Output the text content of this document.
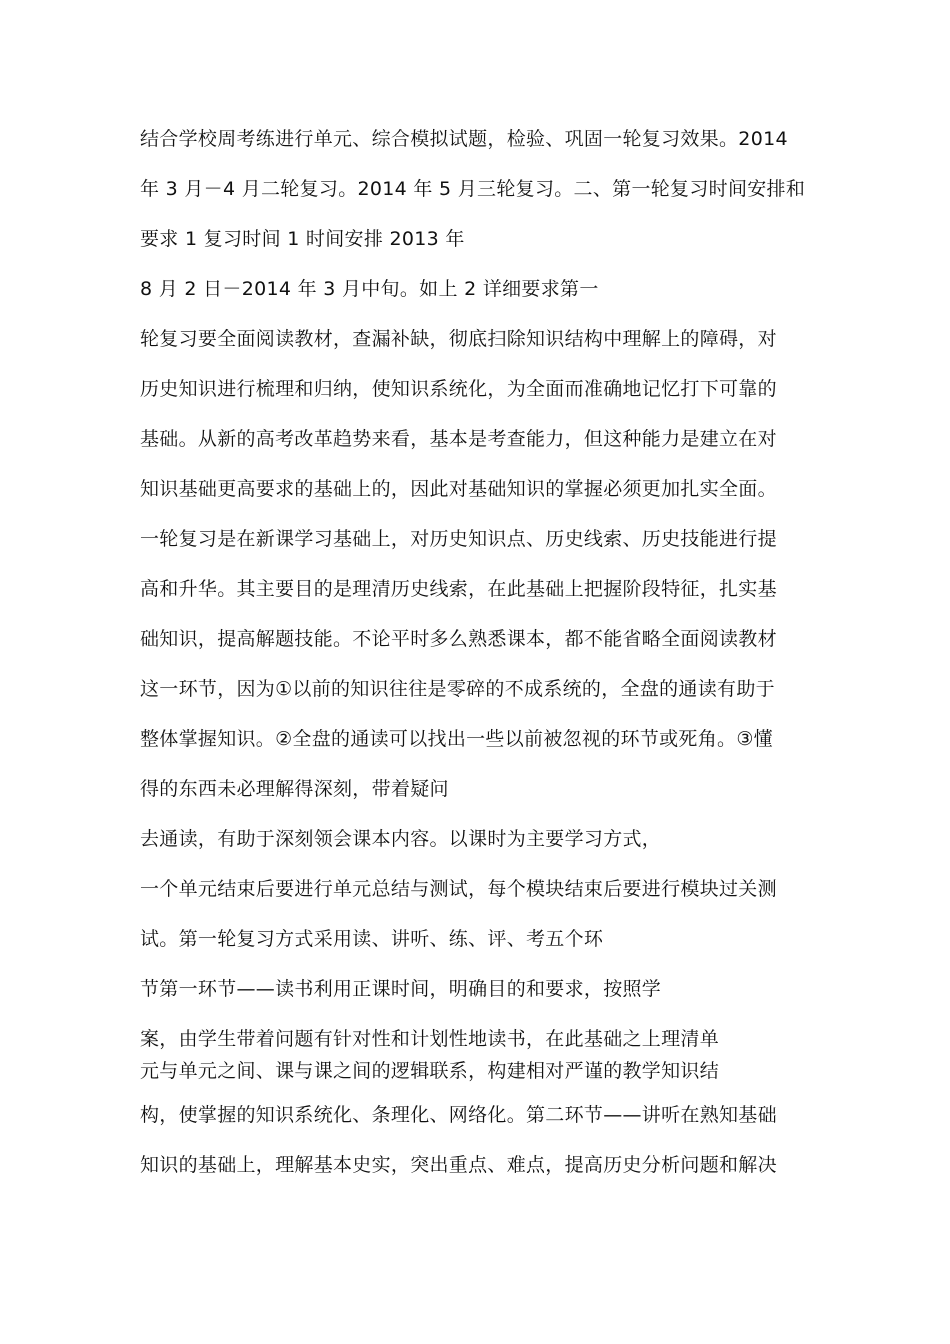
结合学校周考练进行单元、综合模拟试题，检验、巩固一轮复习效果。2014
年 3 月－4 月二轮复习。2014 年 5 月三轮复习。二、第一轮复习时间安排和
要求 1 复习时间 1 时间安排 2013 年
8 月 2 日－2014 年 3 月中旬。如上 2 详细要求第一
轮复习要全面阅读教材，查漏补缺，彻底扫除知识结构中理解上的障碍，对
历史知识进行梳理和归纳，使知识系统化，为全面而准确地记忆打下可靠的
基础。从新的高考改革趋势来看，基本是考查能力，但这种能力是建立在对
知识基础更高要求的基础上的，因此对基础知识的掌握必须更加扎实全面。
一轮复习是在新课学习基础上，对历史知识点、历史线索、历史技能进行提
高和升华。其主要目的是理清历史线索，在此基础上把握阶段特征，扎实基
础知识，提高解题技能。不论平时多么熟悉课本，都不能省略全面阅读教材
这一环节，因为①以前的知识往往是零碎的不成系统的，全盘的通读有助于
整体掌握知识。②全盘的通读可以找出一些以前被忽视的环节或死角。③懂
得的东西未必理解得深刻，带着疑问
去通读，有助于深刻领会课本内容。以课时为主要学习方式，
一个单元结束后要进行单元总结与测试，每个模块结束后要进行模块过关测
试。第一轮复习方式采用读、讲听、练、评、考五个环
节第一环节——读书利用正课时间，明确目的和要求，按照学
案，由学生带着问题有针对性和计划性地读书，在此基础之上理清单
元与单元之间、课与课之间的逻辑联系，构建相对严谨的教学知识结
构，使掌握的知识系统化、条理化、网络化。第二环节——讲听在熟知基础
知识的基础上，理解基本史实，突出重点、难点，提高历史分析问题和解决
